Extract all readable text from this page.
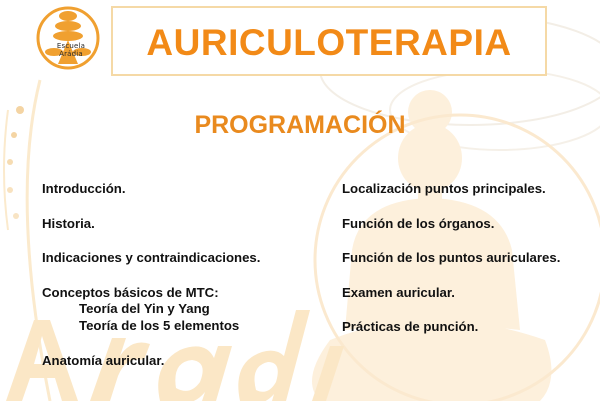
Escuela Arádia	AURICULOTERAPIA
PROGRAMACIÓN
Introducción.
Historia.
Indicaciones y contraindicaciones.
Conceptos básicos de MTC:
Teoría del Yin y Yang
Teoría de los 5 elementos
Anatomía auricular.
Localización puntos principales.
Función de los órganos.
Función de los puntos auriculares.
Examen auricular.
Prácticas de punción.
